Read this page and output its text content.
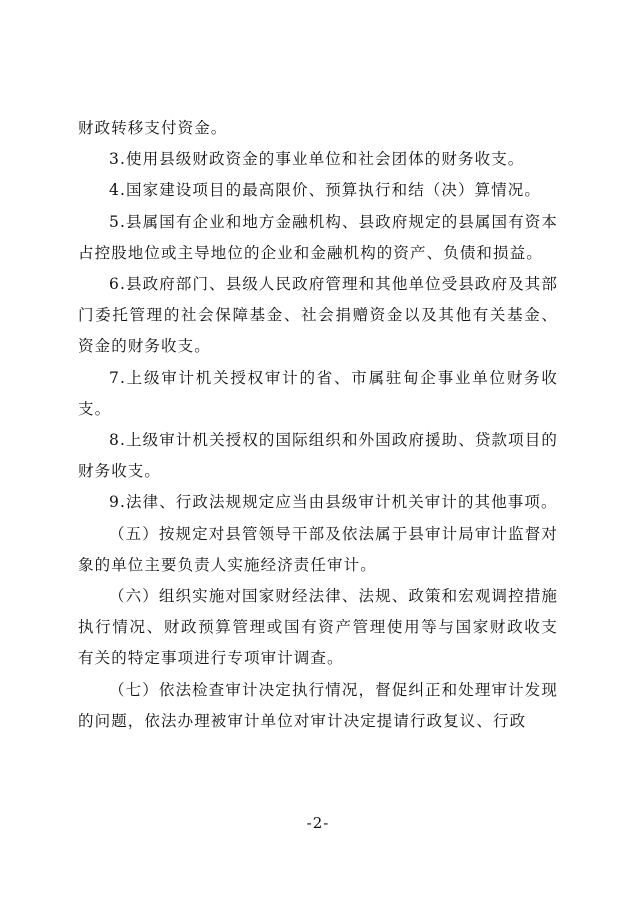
财政转移支付资金。

3.使用县级财政资金的事业单位和社会团体的财务收支。

4.国家建设项目的最高限价、预算执行和结（决）算情况。

5.县属国有企业和地方金融机构、县政府规定的县属国有资本占控股地位或主导地位的企业和金融机构的资产、负债和损益。

6.县政府部门、县级人民政府管理和其他单位受县政府及其部门委托管理的社会保障基金、社会捐赠资金以及其他有关基金、资金的财务收支。

7.上级审计机关授权审计的省、市属驻甸企事业单位财务收支。

8.上级审计机关授权的国际组织和外国政府援助、贷款项目的财务收支。

9.法律、行政法规规定应当由县级审计机关审计的其他事项。

（五）按规定对县管领导干部及依法属于县审计局审计监督对象的单位主要负责人实施经济责任审计。

（六）组织实施对国家财经法律、法规、政策和宏观调控措施执行情况、财政预算管理或国有资产管理使用等与国家财政收支有关的特定事项进行专项审计调查。

（七）依法检查审计决定执行情况，督促纠正和处理审计发现的问题，依法办理被审计单位对审计决定提请行政复议、行政

-2-
